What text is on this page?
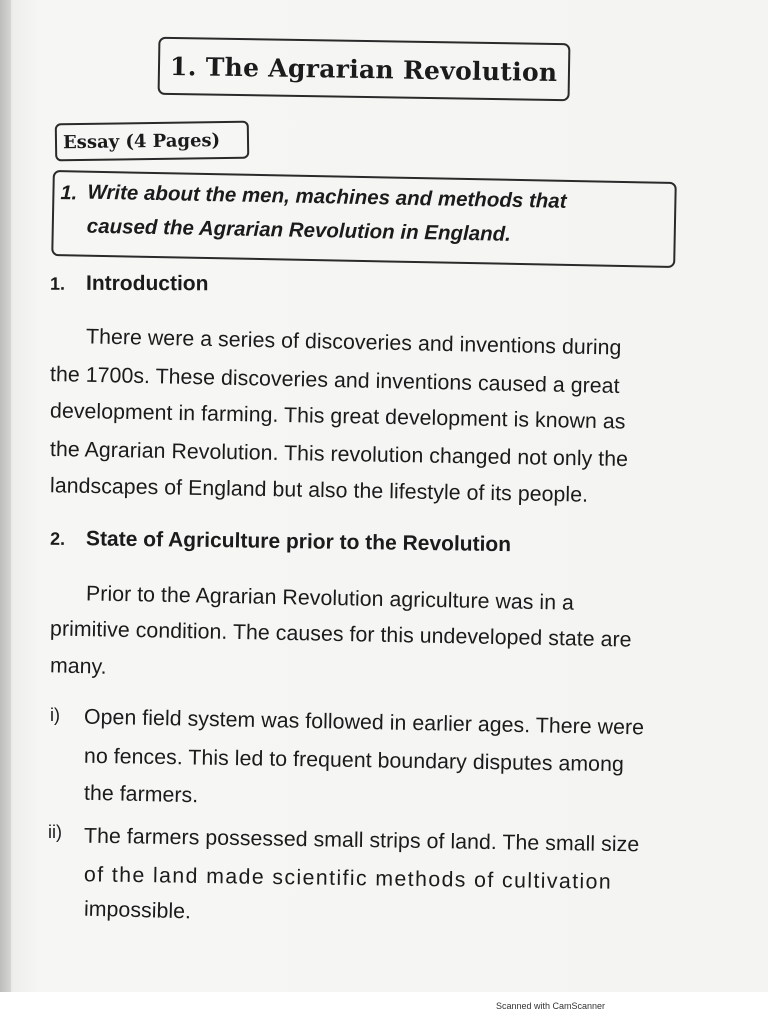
1. The Agrarian Revolution
Essay (4 Pages)
1. Write about the men, machines and methods that
caused the Agrarian Revolution in England.
1. Introduction
There were a series of discoveries and inventions during
the 1700s. These discoveries and inventions caused a great
development in farming. This great development is known as
the Agrarian Revolution. This revolution changed not only the
landscapes of England but also the lifestyle of its people.
2. State of Agriculture prior to the Revolution
Prior to the Agrarian Revolution agriculture was in a
primitive condition. The causes for this undeveloped state are
many.
i) Open field system was followed in earlier ages. There were
no fences. This led to frequent boundary disputes among
the farmers.
ii) The farmers possessed small strips of land. The small size
of the land made scientific methods of cultivation
impossible.
Scanned with CamScanner
